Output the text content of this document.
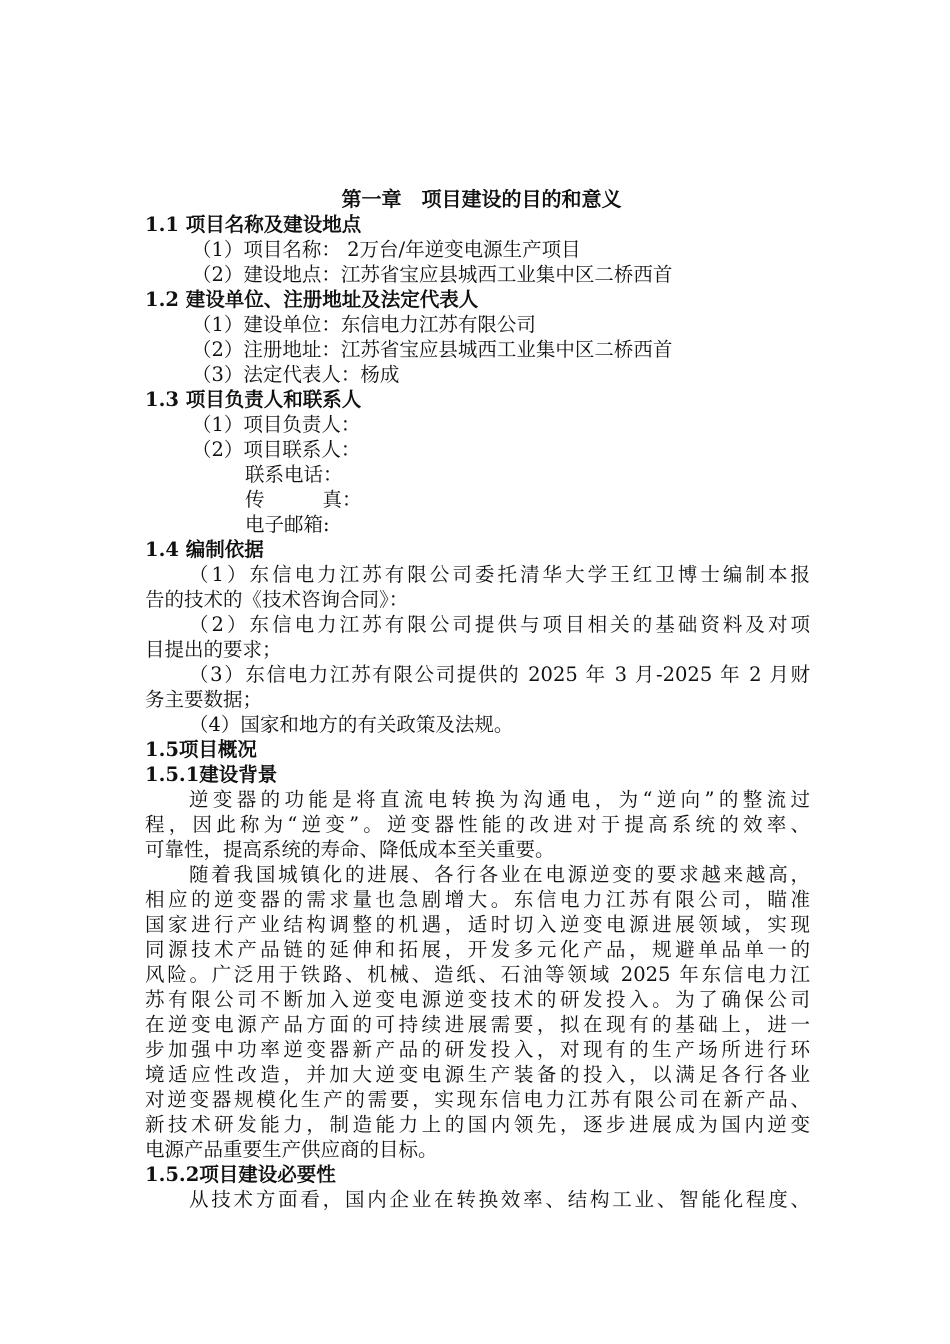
第一章　项目建设的目的和意义
1.1 项目名称及建设地点
（1）项目名称： 2万台/年逆变电源生产项目
（2）建设地点：江苏省宝应县城西工业集中区二桥西首
1.2 建设单位、注册地址及法定代表人
（1）建设单位：东信电力江苏有限公司
（2）注册地址：江苏省宝应县城西工业集中区二桥西首
（3）法定代表人：杨成
1.3 项目负责人和联系人
（1）项目负责人：
（2）项目联系人：
联系电话：
传	真：
电子邮箱:
1.4 编制依据
（1）东信电力江苏有限公司委托清华大学王红卫博士编制本报
告的技术的《技术咨询合同》：
（2）东信电力江苏有限公司提供与项目相关的基础资料及对项
目提出的要求；
（3）东信电力江苏有限公司提供的 2025 年 3 月-2025 年 2 月财
务主要数据；
（4）国家和地方的有关政策及法规。
1.5项目概况
1.5.1建设背景
逆变器的功能是将直流电转换为沟通电，为“逆向”的整流过
程，因此称为“逆变”。逆变器性能的改进对于提高系统的效率、
可靠性，提高系统的寿命、降低成本至关重要。
随着我国城镇化的进展、各行各业在电源逆变的要求越来越高，
相应的逆变器的需求量也急剧增大。东信电力江苏有限公司，瞄准
国家进行产业结构调整的机遇，适时切入逆变电源进展领域，实现
同源技术产品链的延伸和拓展，开发多元化产品，规避单品单一的
风险。广泛用于铁路、机械、造纸、石油等领域 2025 年东信电力江
苏有限公司不断加入逆变电源逆变技术的研发投入。为了确保公司
在逆变电源产品方面的可持续进展需要，拟在现有的基础上，进一
步加强中功率逆变器新产品的研发投入，对现有的生产场所进行环
境适应性改造，并加大逆变电源生产装备的投入，以满足各行各业
对逆变器规模化生产的需要，实现东信电力江苏有限公司在新产品、
新技术研发能力，制造能力上的国内领先，逐步进展成为国内逆变
电源产品重要生产供应商的目标。
1.5.2项目建设必要性
从技术方面看，国内企业在转换效率、结构工业、智能化程度、
